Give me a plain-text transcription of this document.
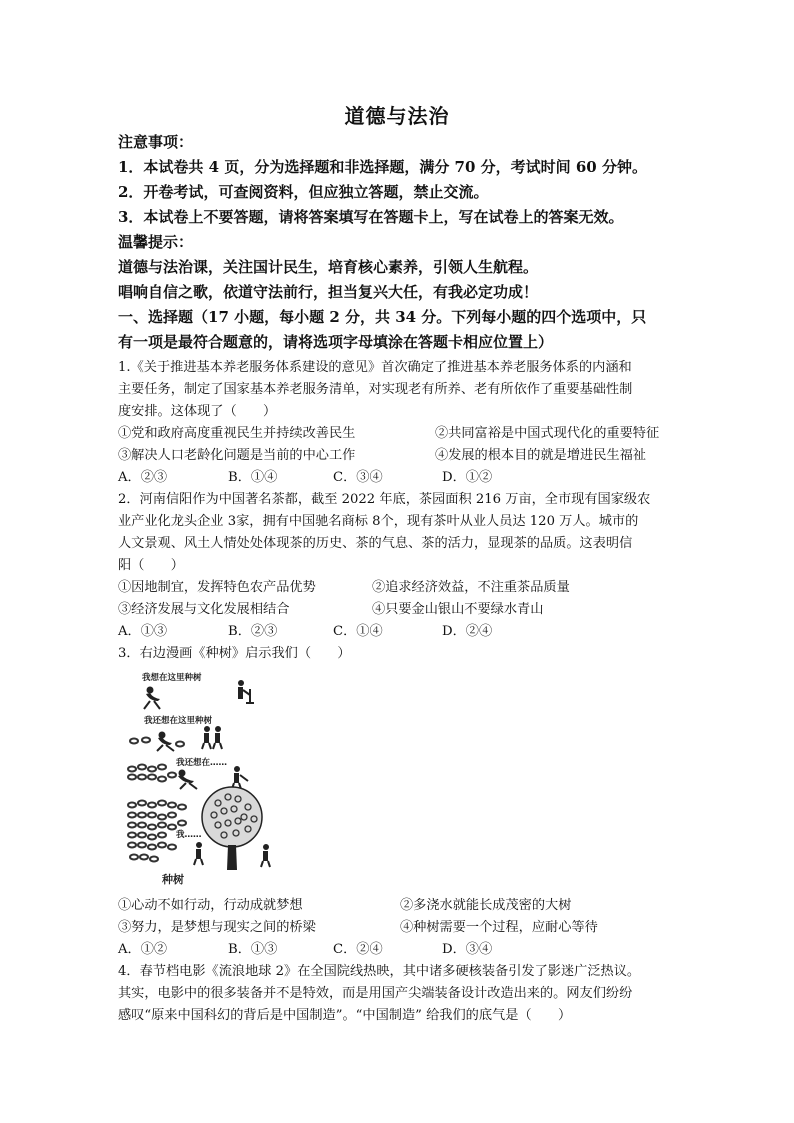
道德与法治
注意事项：
1．本试卷共 4 页，分为选择题和非选择题，满分 70 分，考试时间 60 分钟。
2．开卷考试，可查阅资料，但应独立答题，禁止交流。
3．本试卷上不要答题，请将答案填写在答题卡上，写在试卷上的答案无效。
温馨提示：
道德与法治课，关注国计民生，培育核心素养，引领人生航程。
唱响自信之歌，依道守法前行，担当复兴大任，有我必定功成！
一、选择题（17 小题，每小题 2 分，共 34 分。下列每小题的四个选项中，只
有一项是最符合题意的，请将选项字母填涂在答题卡相应位置上）
1.《关于推进基本养老服务体系建设的意见》首次确定了推进基本养老服务体系的内涵和
主要任务，制定了国家基本养老服务清单，对实现老有所养、老有所依作了重要基础性制
度安排。这体现了（　　）
①党和政府高度重视民生并持续改善民生	②共同富裕是中国式现代化的重要特征
③解决人口老龄化问题是当前的中心工作	④发展的根本目的就是增进民生福祉
A．②③	B．①④	C．③④	D．①②
2．河南信阳作为中国著名茶都，截至 2022 年底，茶园面积 216 万亩，全市现有国家级农
业产业化龙头企业 3家，拥有中国驰名商标 8个，现有茶叶从业人员达 120 万人。城市的
人文景观、风土人情处处体现茶的历史、茶的气息、茶的活力，显现茶的品质。这表明信
阳（　　）
①因地制宜，发挥特色农产品优势	②追求经济效益，不注重茶品质量
③经济发展与文化发展相结合	④只要金山银山不要绿水青山
A．①③	B．②③	C．①④	D．②④
3．右边漫画《种树》启示我们（　　）
我想在这里种树
我还想在这里种树
我还想在……
我……
种树
①心动不如行动，行动成就梦想	②多浇水就能长成茂密的大树
③努力，是梦想与现实之间的桥梁	④种树需要一个过程，应耐心等待
A．①②	B．①③	C．②④	D．③④
4．春节档电影《流浪地球 2》在全国院线热映，其中诸多硬核装备引发了影迷广泛热议。
其实，电影中的很多装备并不是特效，而是用国产尖端装备设计改造出来的。网友们纷纷
感叹“原来中国科幻的背后是中国制造”。“中国制造” 给我们的底气是（　　）
